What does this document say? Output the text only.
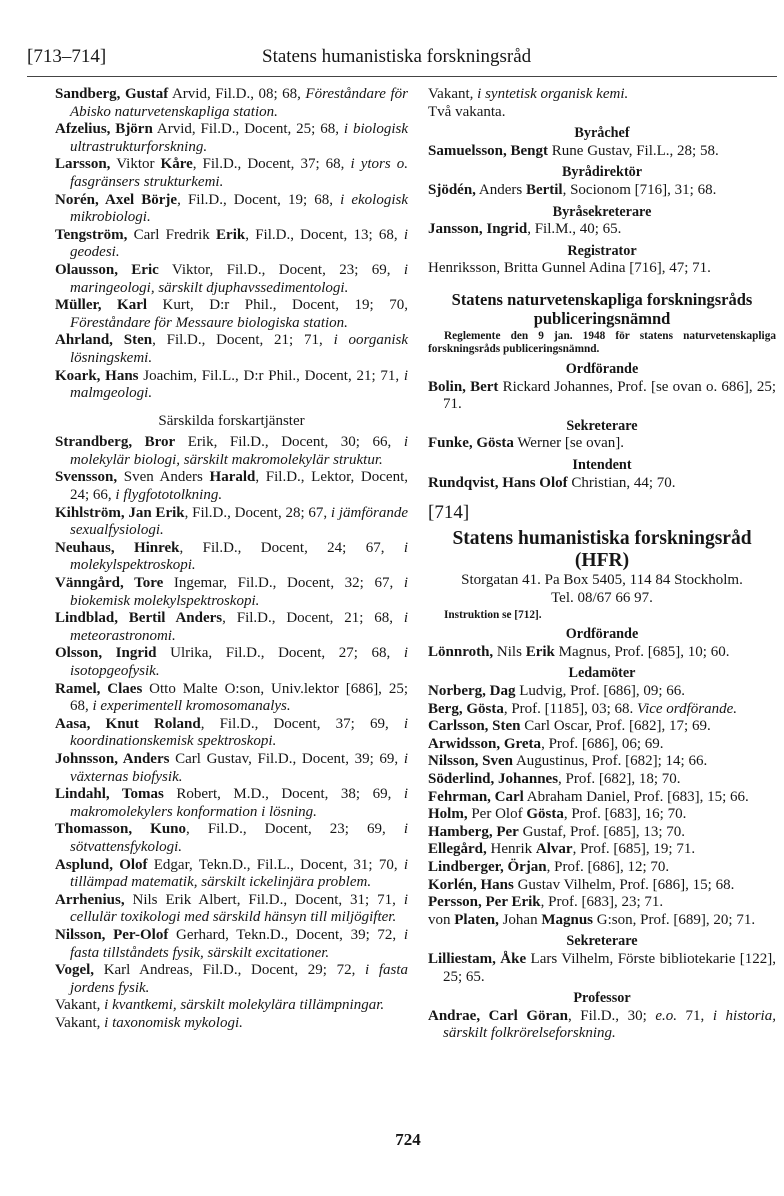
[713–714]	Statens humanistiska forskningsråd
Sandberg, Gustaf Arvid, Fil.D., 08; 68, Föreståndare för Abisko naturvetenskapliga station.
Afzelius, Björn Arvid, Fil.D., Docent, 25; 68, i biologisk ultrastrukturforskning.
Larsson, Viktor Kåre, Fil.D., Docent, 37; 68, i ytors o. fasgränsers strukturkemi.
Norén, Axel Börje, Fil.D., Docent, 19; 68, i ekologisk mikrobiologi.
Tengström, Carl Fredrik Erik, Fil.D., Docent, 13; 68, i geodesi.
Olausson, Eric Viktor, Fil.D., Docent, 23; 69, i maringeologi, särskilt djuphavssedimentologi.
Müller, Karl Kurt, D:r Phil., Docent, 19; 70, Föreståndare för Messaure biologiska station.
Ahrland, Sten, Fil.D., Docent, 21; 71, i oorganisk lösningskemi.
Koark, Hans Joachim, Fil.L., D:r Phil., Docent, 21; 71, i malmgeologi.
Särskilda forskartjänster
Strandberg, Bror Erik, Fil.D., Docent, 30; 66, i molekylär biologi, särskilt makromolekylär struktur.
Svensson, Sven Anders Harald, Fil.D., Lektor, Docent, 24; 66, i flygfototolkning.
Kihlström, Jan Erik, Fil.D., Docent, 28; 67, i jämförande sexualfysiologi.
Neuhaus, Hinrek, Fil.D., Docent, 24; 67, i molekylspektroskopi.
Vänngård, Tore Ingemar, Fil.D., Docent, 32; 67, i biokemisk molekylspektroskopi.
Lindblad, Bertil Anders, Fil.D., Docent, 21; 68, i meteorastronomi.
Olsson, Ingrid Ulrika, Fil.D., Docent, 27; 68, i isotopgeofysik.
Ramel, Claes Otto Malte O:son, Univ.lektor [686], 25; 68, i experimentell kromosomanalys.
Aasa, Knut Roland, Fil.D., Docent, 37; 69, i koordinationskemisk spektroskopi.
Johnsson, Anders Carl Gustav, Fil.D., Docent, 39; 69, i växternas biofysik.
Lindahl, Tomas Robert, M.D., Docent, 38; 69, i makromolekylers konformation i lösning.
Thomasson, Kuno, Fil.D., Docent, 23; 69, i sötvattensfykologi.
Asplund, Olof Edgar, Tekn.D., Fil.L., Docent, 31; 70, i tillämpad matematik, särskilt ickelinjära problem.
Arrhenius, Nils Erik Albert, Fil.D., Docent, 31; 71, i cellulär toxikologi med särskild hänsyn till miljögifter.
Nilsson, Per-Olof Gerhard, Tekn.D., Docent, 39; 72, i fasta tillståndets fysik, särskilt excitationer.
Vogel, Karl Andreas, Fil.D., Docent, 29; 72, i fasta jordens fysik.
Vakant, i kvantkemi, särskilt molekylära tillämpningar.
Vakant, i taxonomisk mykologi.
Vakant, i syntetisk organisk kemi.
Två vakanta.
Byråchef
Samuelsson, Bengt Rune Gustav, Fil.L., 28; 58.
Byrådirektör
Sjödén, Anders Bertil, Socionom [716], 31; 68.
Byråsekreterare
Jansson, Ingrid, Fil.M., 40; 65.
Registrator
Henriksson, Britta Gunnel Adina [716], 47; 71.
Statens naturvetenskapliga forskningsråds publiceringsnämnd
Reglemente den 9 jan. 1948 för statens naturvetenskapliga forskningsråds publiceringsnämnd.
Ordförande
Bolin, Bert Rickard Johannes, Prof. [se ovan o. 686], 25; 71.
Sekreterare
Funke, Gösta Werner [se ovan].
Intendent
Rundqvist, Hans Olof Christian, 44; 70.
[714]
Statens humanistiska forskningsråd
(HFR)
Storgatan 41. Pa Box 5405, 114 84 Stockholm.
Tel. 08/67 66 97.
Instruktion se [712].
Ordförande
Lönnroth, Nils Erik Magnus, Prof. [685], 10; 60.
Ledamöter
Norberg, Dag Ludvig, Prof. [686], 09; 66.
Berg, Gösta, Prof. [1185], 03; 68. Vice ordförande.
Carlsson, Sten Carl Oscar, Prof. [682], 17; 69.
Arwidsson, Greta, Prof. [686], 06; 69.
Nilsson, Sven Augustinus, Prof. [682]; 14; 66.
Söderlind, Johannes, Prof. [682], 18; 70.
Fehrman, Carl Abraham Daniel, Prof. [683], 15; 66.
Holm, Per Olof Gösta, Prof. [683], 16; 70.
Hamberg, Per Gustaf, Prof. [685], 13; 70.
Ellegård, Henrik Alvar, Prof. [685], 19; 71.
Lindberger, Örjan, Prof. [686], 12; 70.
Korlén, Hans Gustav Vilhelm, Prof. [686], 15; 68.
Persson, Per Erik, Prof. [683], 23; 71.
von Platen, Johan Magnus G:son, Prof. [689], 20; 71.
Sekreterare
Lilliestam, Åke Lars Vilhelm, Förste bibliotekarie [122], 25; 65.
Professor
Andrae, Carl Göran, Fil.D., 30; e.o. 71, i historia, särskilt folkrörelseforskning.
724
